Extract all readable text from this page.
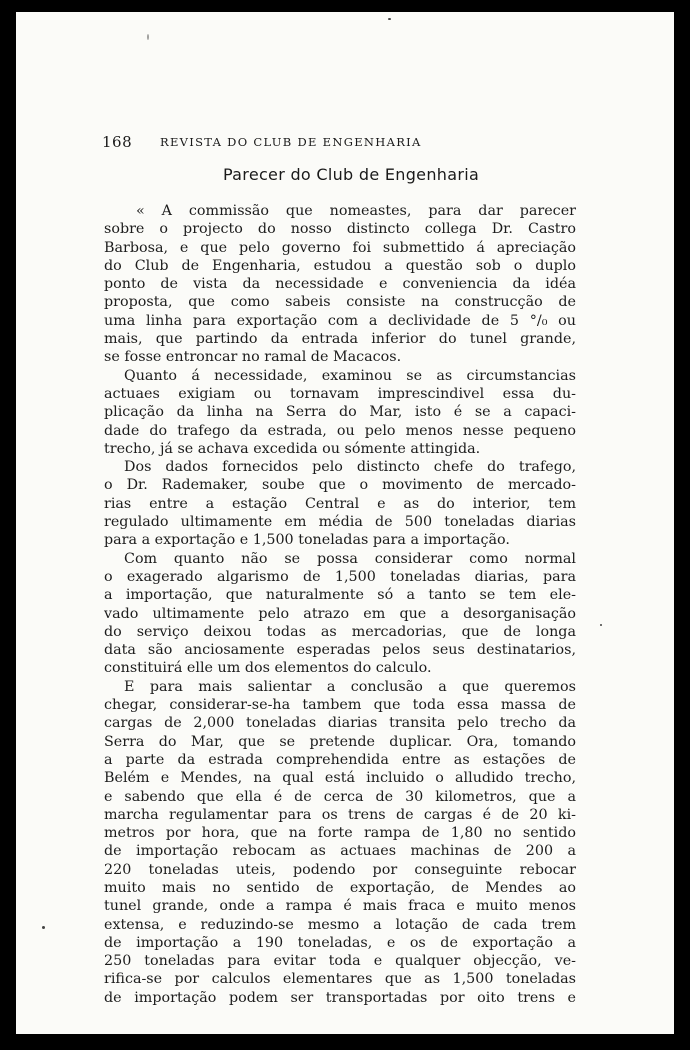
168 REVISTA DO CLUB DE ENGENHARIA
Parecer do Club de Engenharia
« A commissão que nomeastes, para dar parecer
sobre o projecto do nosso distincto collega Dr. Castro
Barbosa, e que pelo governo foi submettido á apreciação
do Club de Engenharia, estudou a questão sob o duplo
ponto de vista da necessidade e conveniencia da idéa
proposta, que como sabeis consiste na construcção de
uma linha para exportação com a declividade de 5 °/₀ ou
mais, que partindo da entrada inferior do tunel grande,
se fosse entroncar no ramal de Macacos.
Quanto á necessidade, examinou se as circumstancias
actuaes exigiam ou tornavam imprescindivel essa du-
plicação da linha na Serra do Mar, isto é se a capaci-
dade do trafego da estrada, ou pelo menos nesse pequeno
trecho, já se achava excedida ou sómente attingida.
Dos dados fornecidos pelo distincto chefe do trafego,
o Dr. Rademaker, soube que o movimento de mercado-
rias entre a estação Central e as do interior, tem
regulado ultimamente em média de 500 toneladas diarias
para a exportação e 1,500 toneladas para a importação.
Com quanto não se possa considerar como normal
o exagerado algarismo de 1,500 toneladas diarias, para
a importação, que naturalmente só a tanto se tem ele-
vado ultimamente pelo atrazo em que a desorganisação
do serviço deixou todas as mercadorias, que de longa
data são anciosamente esperadas pelos seus destinatarios,
constituirá elle um dos elementos do calculo.
E para mais salientar a conclusão a que queremos
chegar, considerar-se-ha tambem que toda essa massa de
cargas de 2,000 toneladas diarias transita pelo trecho da
Serra do Mar, que se pretende duplicar. Ora, tomando
a parte da estrada comprehendida entre as estações de
Belém e Mendes, na qual está incluido o alludido trecho,
e sabendo que ella é de cerca de 30 kilometros, que a
marcha regulamentar para os trens de cargas é de 20 ki-
metros por hora, que na forte rampa de 1,80 no sentido
de importação rebocam as actuaes machinas de 200 a
220 toneladas uteis, podendo por conseguinte rebocar
muito mais no sentido de exportação, de Mendes ao
tunel grande, onde a rampa é mais fraca e muito menos
extensa, e reduzindo-se mesmo a lotação de cada trem
de importação a 190 toneladas, e os de exportação a
250 toneladas para evitar toda e qualquer objecção, ve-
rifica-se por calculos elementares que as 1,500 toneladas
de importação podem ser transportadas por oito trens e
